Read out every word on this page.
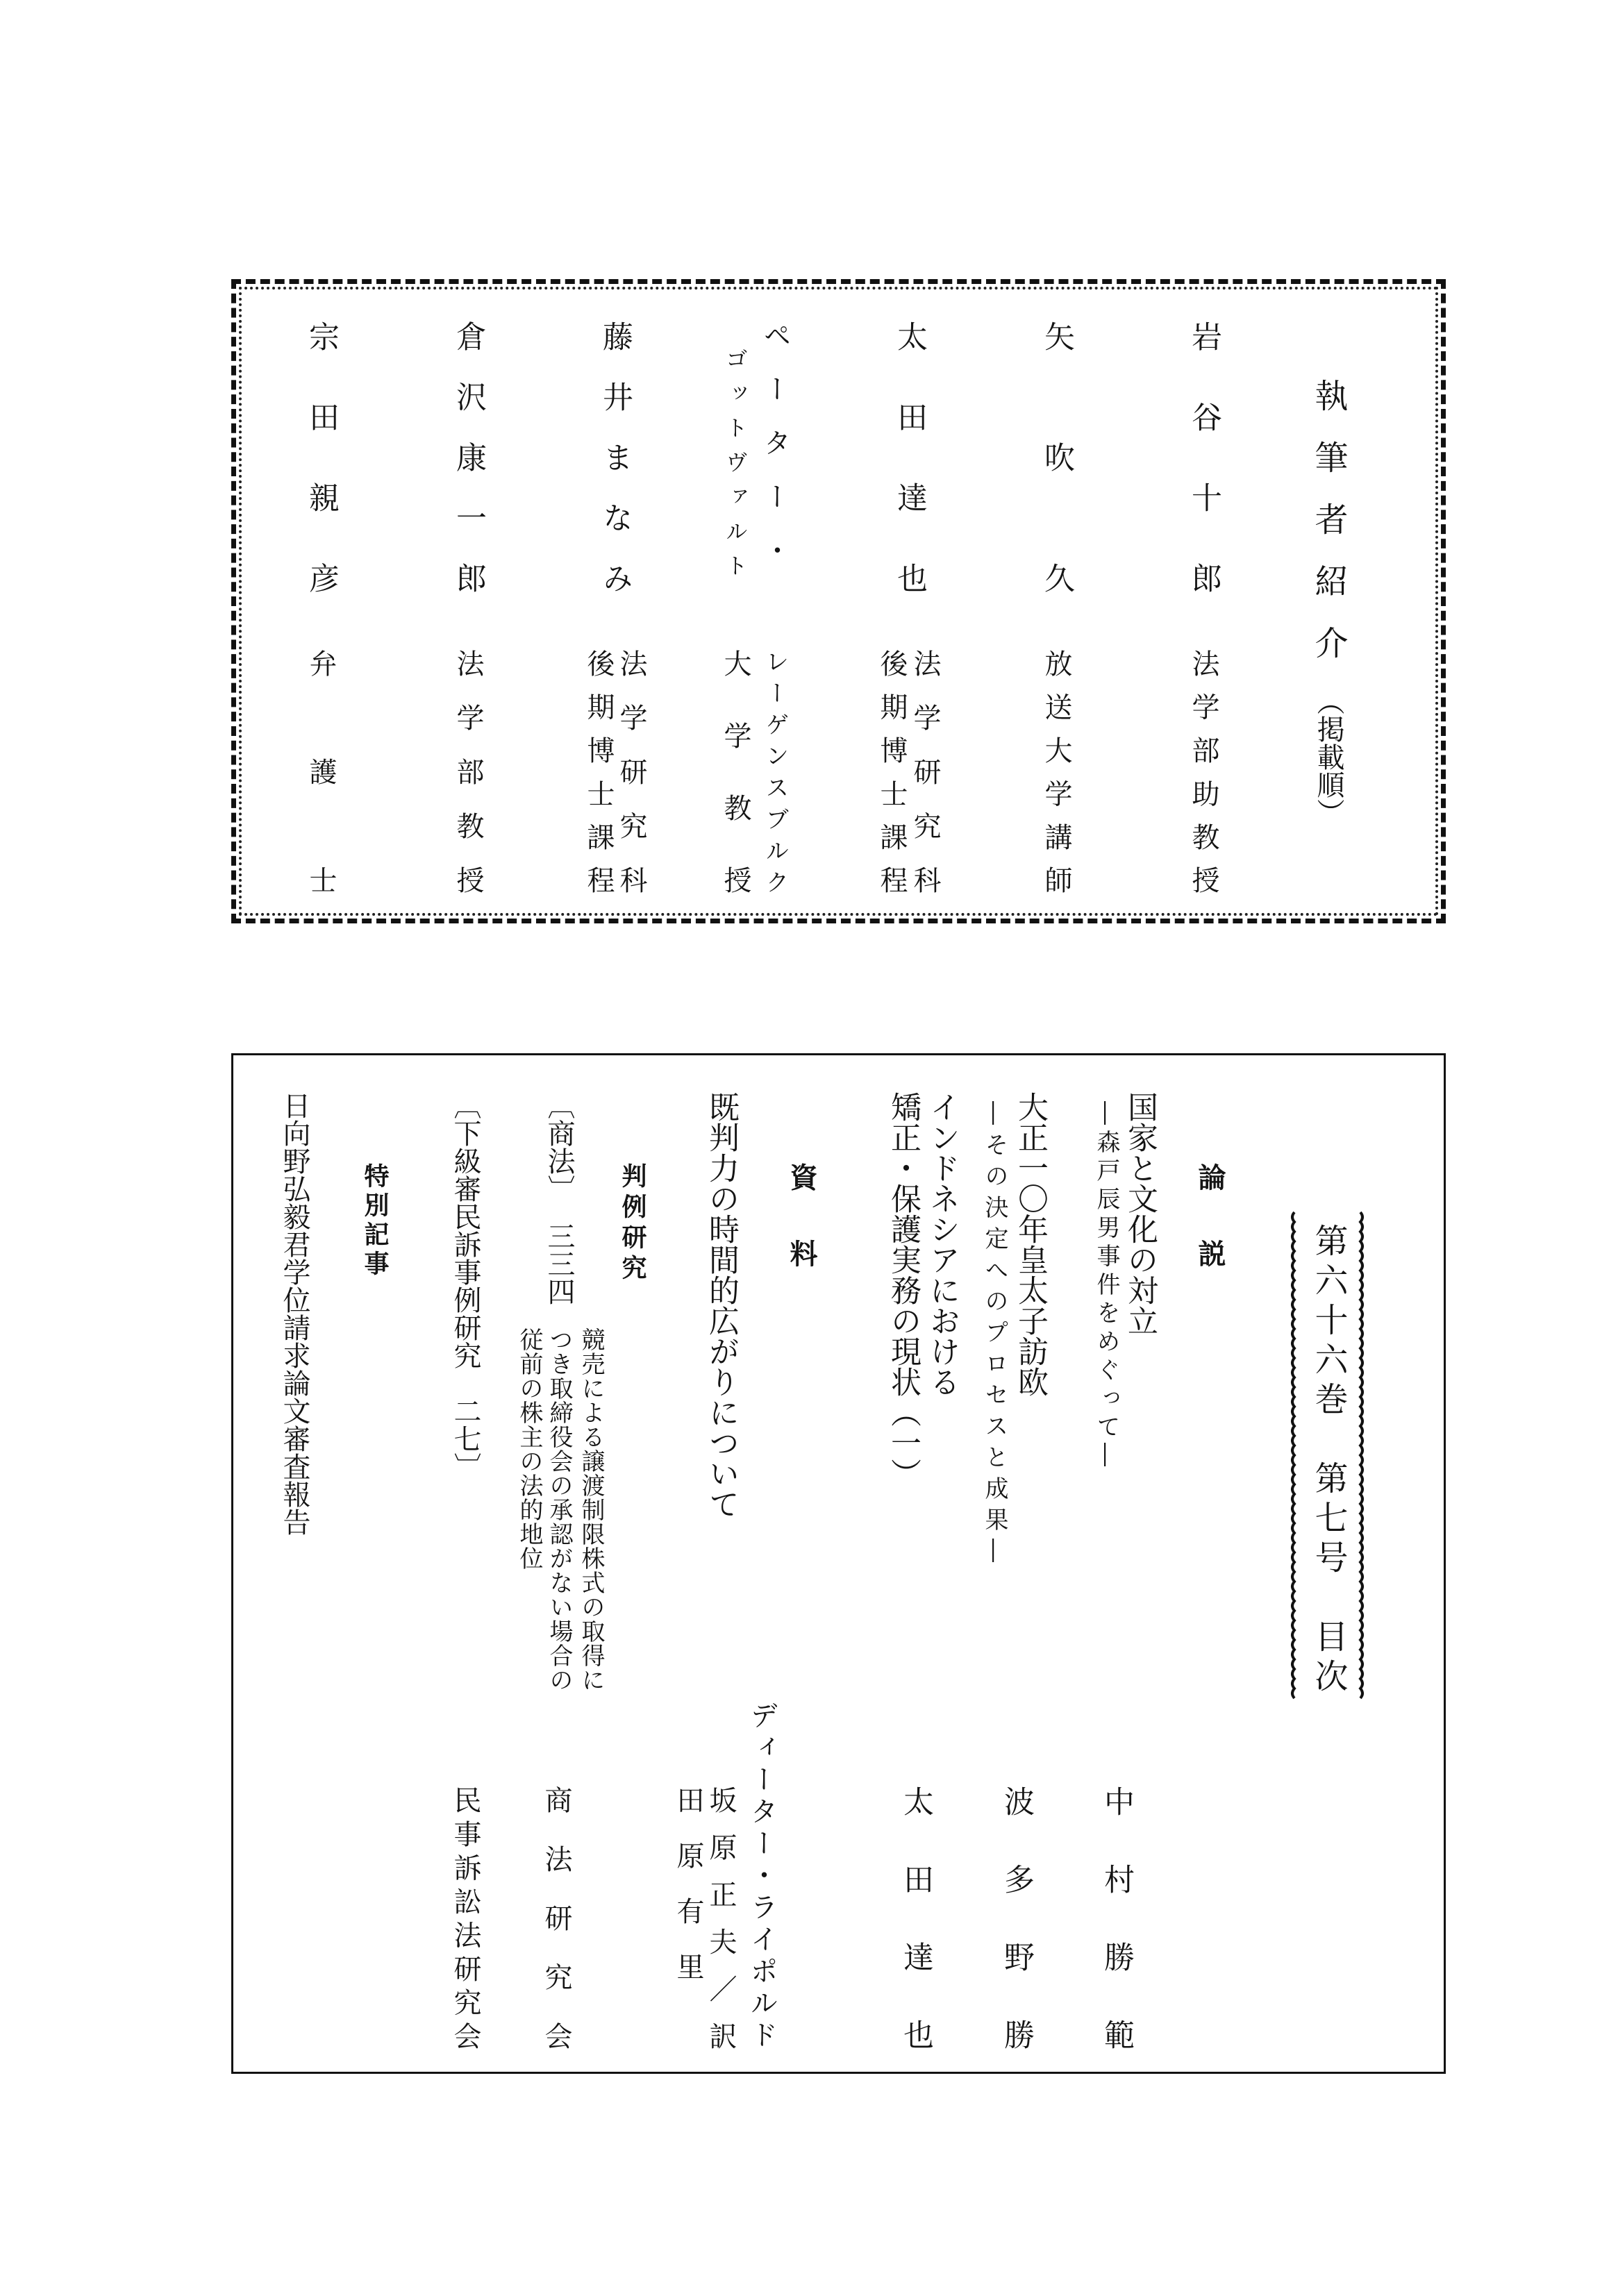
執筆者紹介（掲載順）
岩谷十郎
法学部助教授
矢吹久
放送大学講師
太田達也
法学研究科
後期博士課程
ペーター・
ゴットヴァルト
レーゲンスブルク
大学教授
藤井まなみ
法学研究科
後期博士課程
倉沢康一郎
法学部教授
宗田親彦
弁護士
第六十六巻　第七号　目次
論説
国家と文化の対立
―森戸辰男事件をめぐって―
中村勝範
大正一〇年皇太子訪欧
―その決定へのプロセスと成果―
波多野勝
インドネシアにおける
矯正・保護実務の現状（一）
太田達也
資料
既判力の時間的広がりについて
ディーター・ライポルド
坂原正夫／訳
田原有里
判例研究
〔商法〕三三四
競売による譲渡制限株式の取得に
つき取締役会の承認がない場合の
従前の株主の法的地位
商法研究会
〔下級審民訴事例研究　二七〕
民事訴訟法研究会
特別記事
日向野弘毅君学位請求論文審査報告
